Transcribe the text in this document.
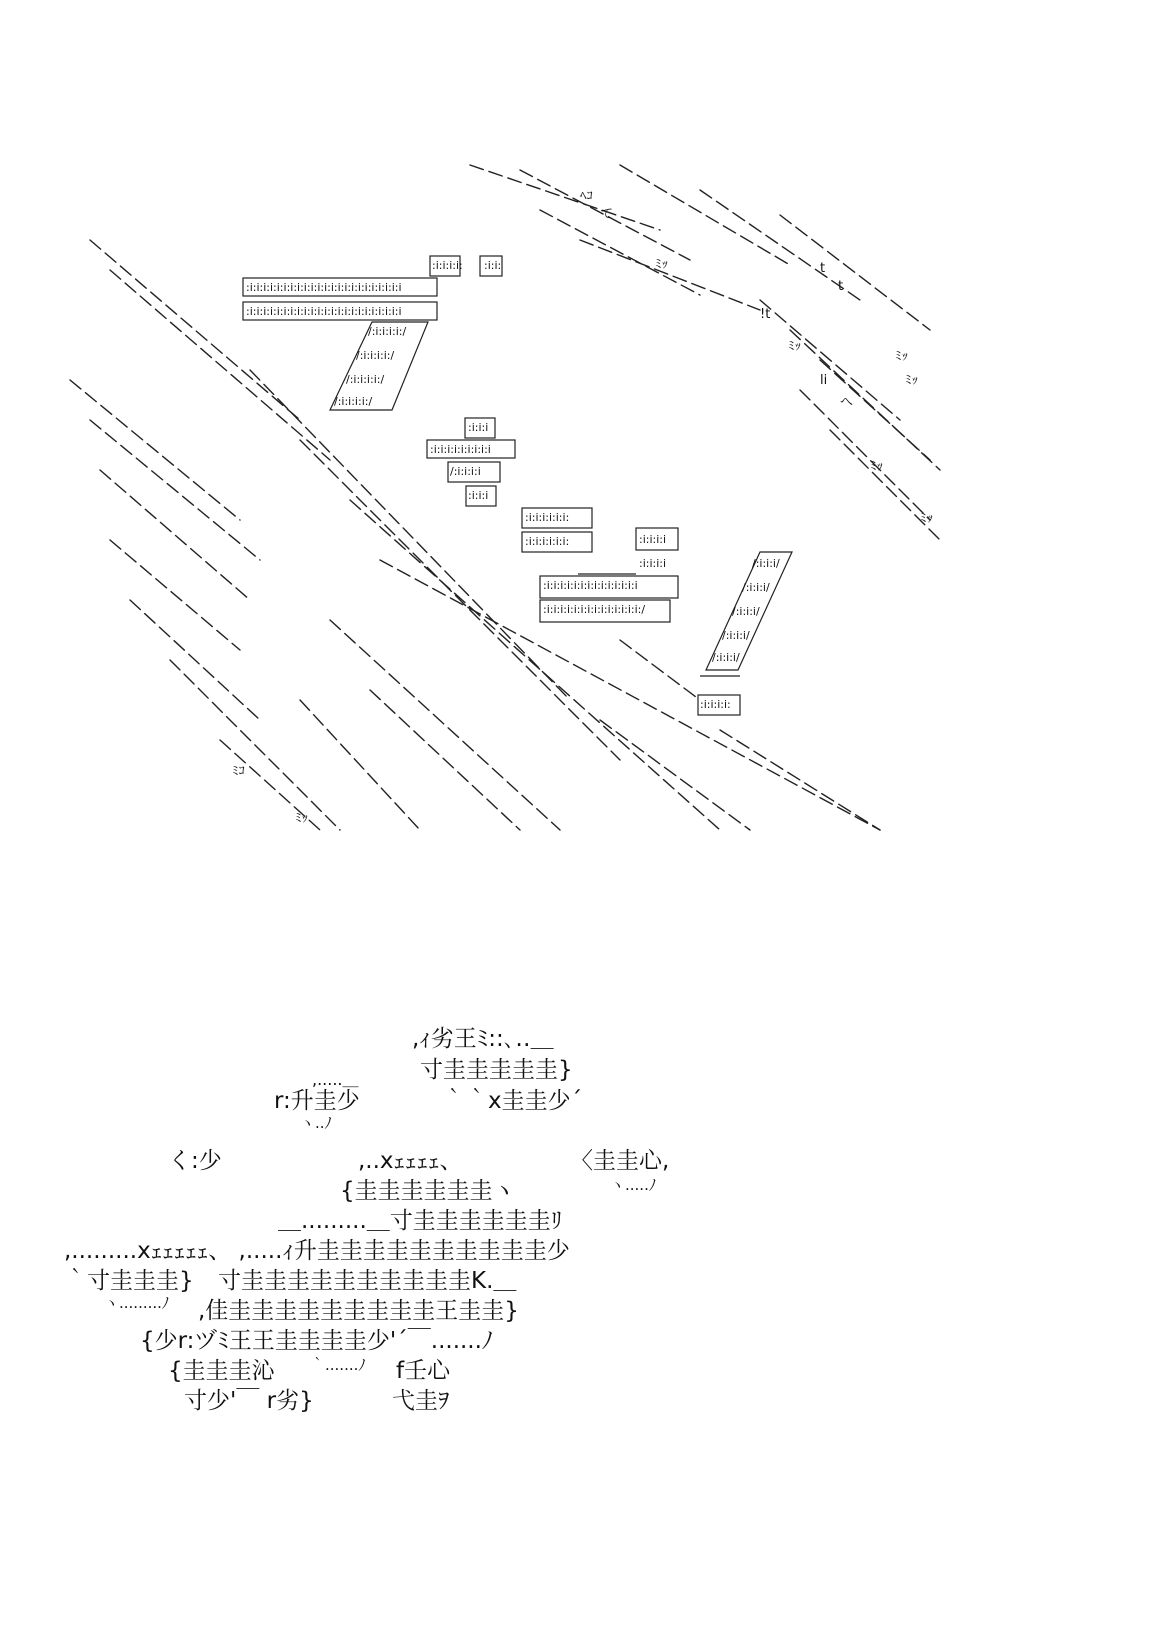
ﾍｺ
て
t
ﾐｯ
!t
ﾐｯ
li
へ
ﾐｯ
ﾐｯ
ﾐｯ
ﾐｯ
ﾐｺ
ﾐｯ
t
:i:i:i:i: :i:i:
:i:i:i:i:i:i:i:i:i:i:i:i:i:i:i:i:i:i:i:i:i:i:i
:i:i:i:i:i:i:i:i:i:i:i:i:i:i:i:i:i:i:i:i:i:i:i
/:i:i:i:i:/
/:i:i:i:i:/
/:i:i:i:i:/
/:i:i:i:i:/
:i:i:i
:i:i:i:i:i:i:i:i:i
/:i:i:i:i
:i:i:i
:i:i:i:i:i:i:
:i:i:i:i:i:i:	:i:i:i:i
:i:i:i:i
:i:i:i:i:i:i:i:i:i:i:i:i:i:i
:i:i:i:i:i:i:i:i:i:i:i:i:i:i:/
/:i:i:i/
/:i:i:i/
/:i:i:i/
/:i:i:i/
/:i:i:i/
:i:i:i:i:
,ｨ劣王ﾐ::､‥＿
寸圭圭圭圭圭}
,.....＿
r:升圭少	｀｀x圭圭少´
ヽ..ﾉ
く:少	,..xｪｪｪｪ、	〈圭圭心,
{圭圭圭圭圭圭ヽ	ヽ.....ﾉ
＿.........＿寸圭圭圭圭圭圭ﾘ
,.........xｪｪｪｪｪ、 ,.....ｨ升圭圭圭圭圭圭圭圭圭圭少
｀寸圭圭圭} 寸圭圭圭圭圭圭圭圭圭圭K.＿
ヽ.........ﾉ ,佳圭圭圭圭圭圭圭圭圭王圭圭}
{少r:ヅﾐ王王圭圭圭圭少'´￣.......ﾉ
{圭圭圭沁 ｀.......ﾉ f壬心
寸少'￣ r劣}	弋圭ｦ
